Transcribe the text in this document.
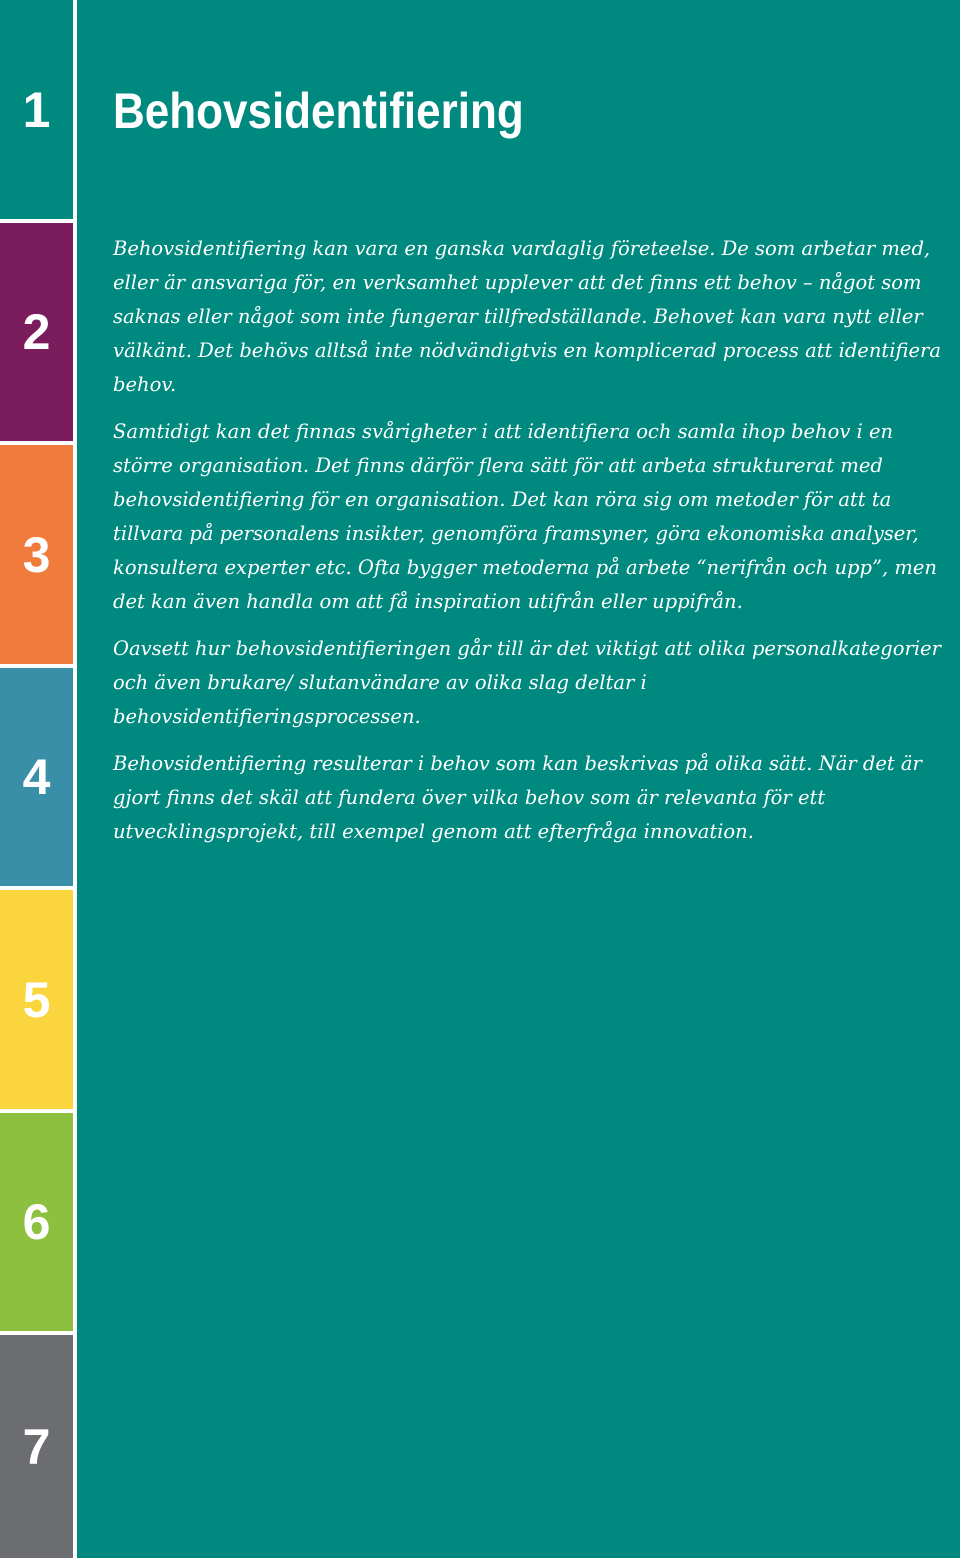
1
2
3
4
5
6
7
Behovsidentifiering

Behovsidentifiering kan vara en ganska vardaglig företeelse. De som arbetar med, eller är ansvariga för, en verksamhet upplever att det finns ett behov – något som saknas eller något som inte fungerar tillfredställande. Behovet kan vara nytt eller välkänt. Det behövs alltså inte nödvändigtvis en komplicerad process att identifiera behov.

Samtidigt kan det finnas svårigheter i att identifiera och samla ihop behov i en större organisation. Det finns därför flera sätt för att arbeta strukturerat med behovsidentifiering för en organisation. Det kan röra sig om metoder för att ta tillvara på personalens insikter, genomföra framsyner, göra ekonomiska analyser, konsultera experter etc. Ofta bygger metoderna på arbete “nerifrån och upp”, men det kan även handla om att få inspiration utifrån eller uppifrån.

Oavsett hur behovsidentifieringen går till är det viktigt att olika personalkategorier och även brukare/ slutanvändare av olika slag deltar i behovsidentifieringsprocessen.

Behovsidentifiering resulterar i behov som kan beskrivas på olika sätt. När det är gjort finns det skäl att fundera över vilka behov som är relevanta för ett utvecklingsprojekt, till exempel genom att efterfråga innovation.
